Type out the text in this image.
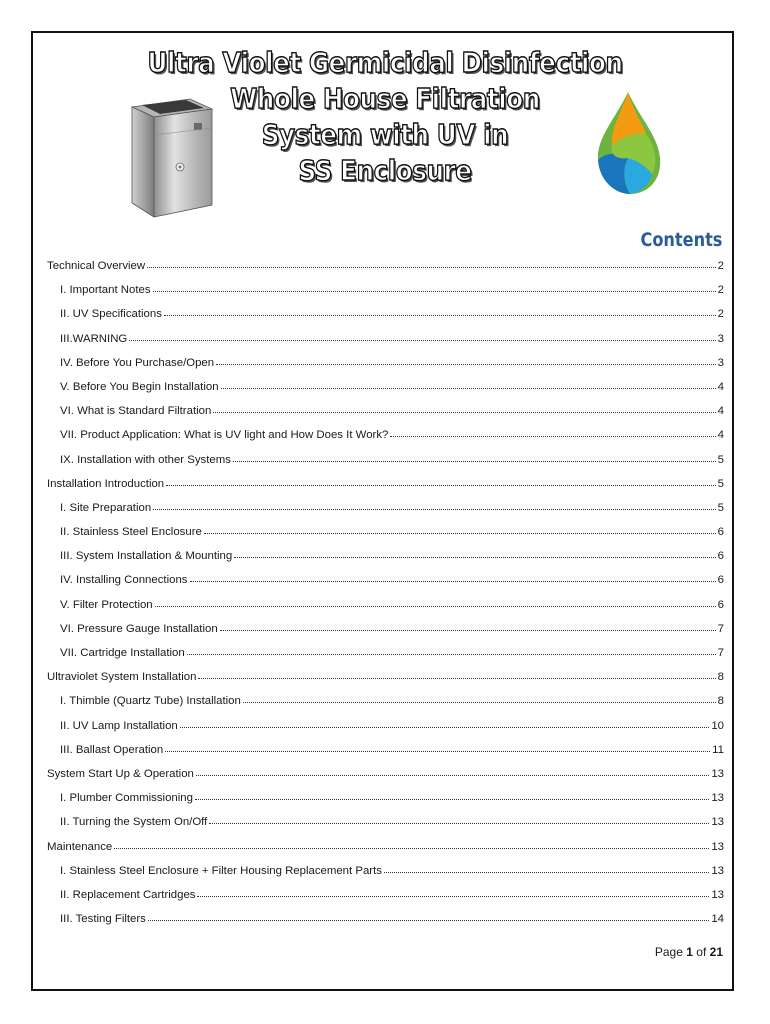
Ultra Violet Germicidal Disinfection
Whole House Filtration
System with UV in
SS Enclosure
Contents
Technical Overview	2
I. Important Notes	2
II. UV Specifications	2
III.WARNING	3
IV. Before You Purchase/Open	3
V. Before You Begin Installation	4
VI. What is Standard Filtration	4
VII. Product Application: What is UV light and How Does It Work?	4
IX. Installation with other Systems	5
Installation Introduction	5
I. Site Preparation	5
II. Stainless Steel Enclosure	6
III. System Installation & Mounting	6
IV. Installing Connections	6
V. Filter Protection	6
VI. Pressure Gauge Installation	7
VII. Cartridge Installation	7
Ultraviolet System Installation	8
I. Thimble (Quartz Tube) Installation	8
II. UV Lamp Installation	10
III. Ballast Operation	11
System Start Up & Operation	13
I. Plumber Commissioning	13
II. Turning the System On/Off	13
Maintenance	13
I. Stainless Steel Enclosure + Filter Housing Replacement Parts	13
II. Replacement Cartridges	13
III. Testing Filters	14
Page 1 of 21
